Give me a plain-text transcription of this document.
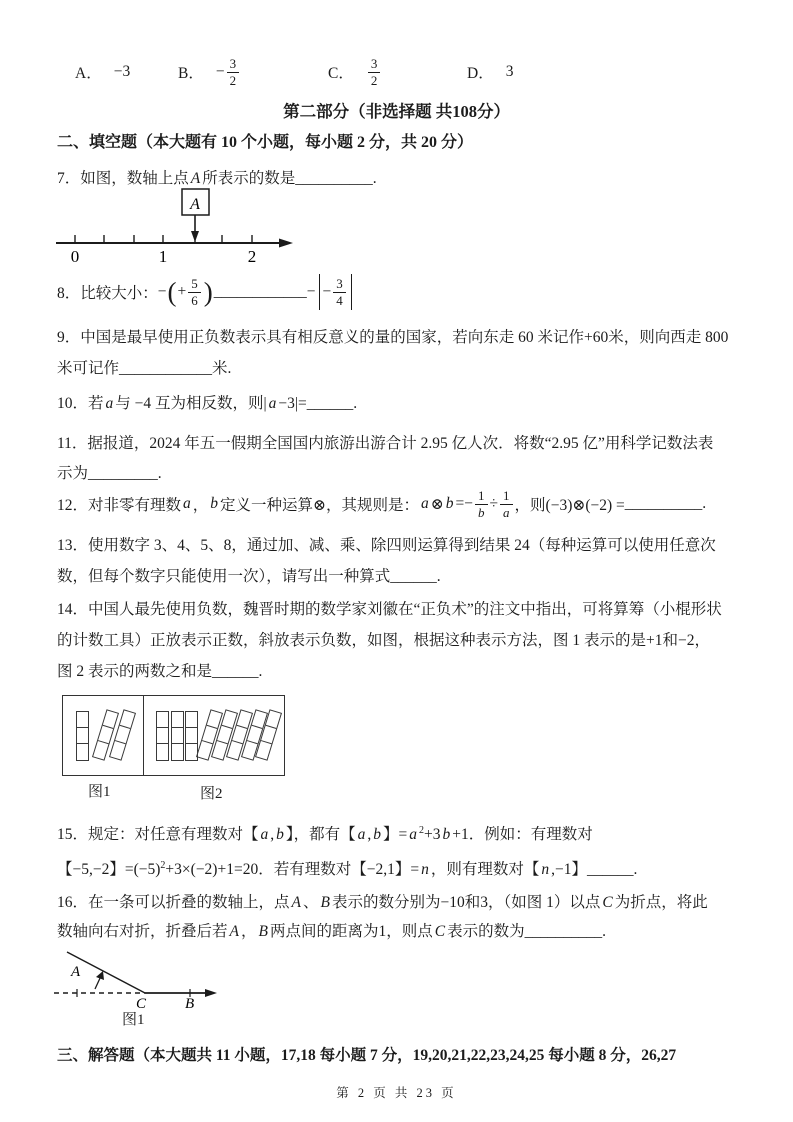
A． −3	B． − $\frac{3}{2}$	C． $\frac{3}{2}$	D． 3
第二部分（非选择题 共108分）
二、填空题（本大题有 10 个小题，每小题 2 分，共 20 分）
7．如图，数轴上点 A 所表示的数是__________.
A
0	1	2
8．比较大小： − ( + $\frac{5}{6}$ ) ____________ − − $\frac{3}{4}$
9．中国是最早使用正负数表示具有相反意义的量的国家，若向东走 60 米记作+60米，则向西走 800
米可记作____________米.
10．若 a 与 −4 互为相反数，则| a −3|=______.
11．据报道，2024 年五一假期全国国内旅游出游合计 2.95 亿人次．将数“2.95 亿”用科学记数法表
示为_________.
12．对非零有理数 a ， b 定义一种运算⊗，其规则是： a ⊗ b = − $\frac{1}{b} \div \frac{1}{a}$ ，则(−3)⊗(−2) = __________ .
13．使用数字 3、4、5、8，通过加、减、乘、除四则运算得到结果 24（每种运算可以使用任意次
数，但每个数字只能使用一次），请写出一种算式______.
14．中国人最先使用负数，魏晋时期的数学家刘徽在“正负术”的注文中指出，可将算筹（小棍形状
的计数工具）正放表示正数，斜放表示负数，如图，根据这种表示方法，图 1 表示的是+1和−2，
图 2 表示的两数之和是______.
图1	图2
15．规定：对任意有理数对【 a , b 】，都有【 a , b 】= a $^2$+3 b +1．例如：有理数对
【−5,−2】$=(-5)^2+3\times(-2)+1=20$．若有理数对【−2,1】= n ，则有理数对【 n ,−1】______.
16．在一条可以折叠的数轴上，点 A 、 B 表示的数分别为−10和3，（如图 1）以点 C 为折点，将此
数轴向右对折，折叠后若 A ， B 两点间的距离为1，则点 C 表示的数为__________.
A
C	B
图1
三、解答题（本大题共 11 小题，17,18 每小题 7 分，19,20,21,22,23,24,25 每小题 8 分，26,27
第 2 页 共 23 页
